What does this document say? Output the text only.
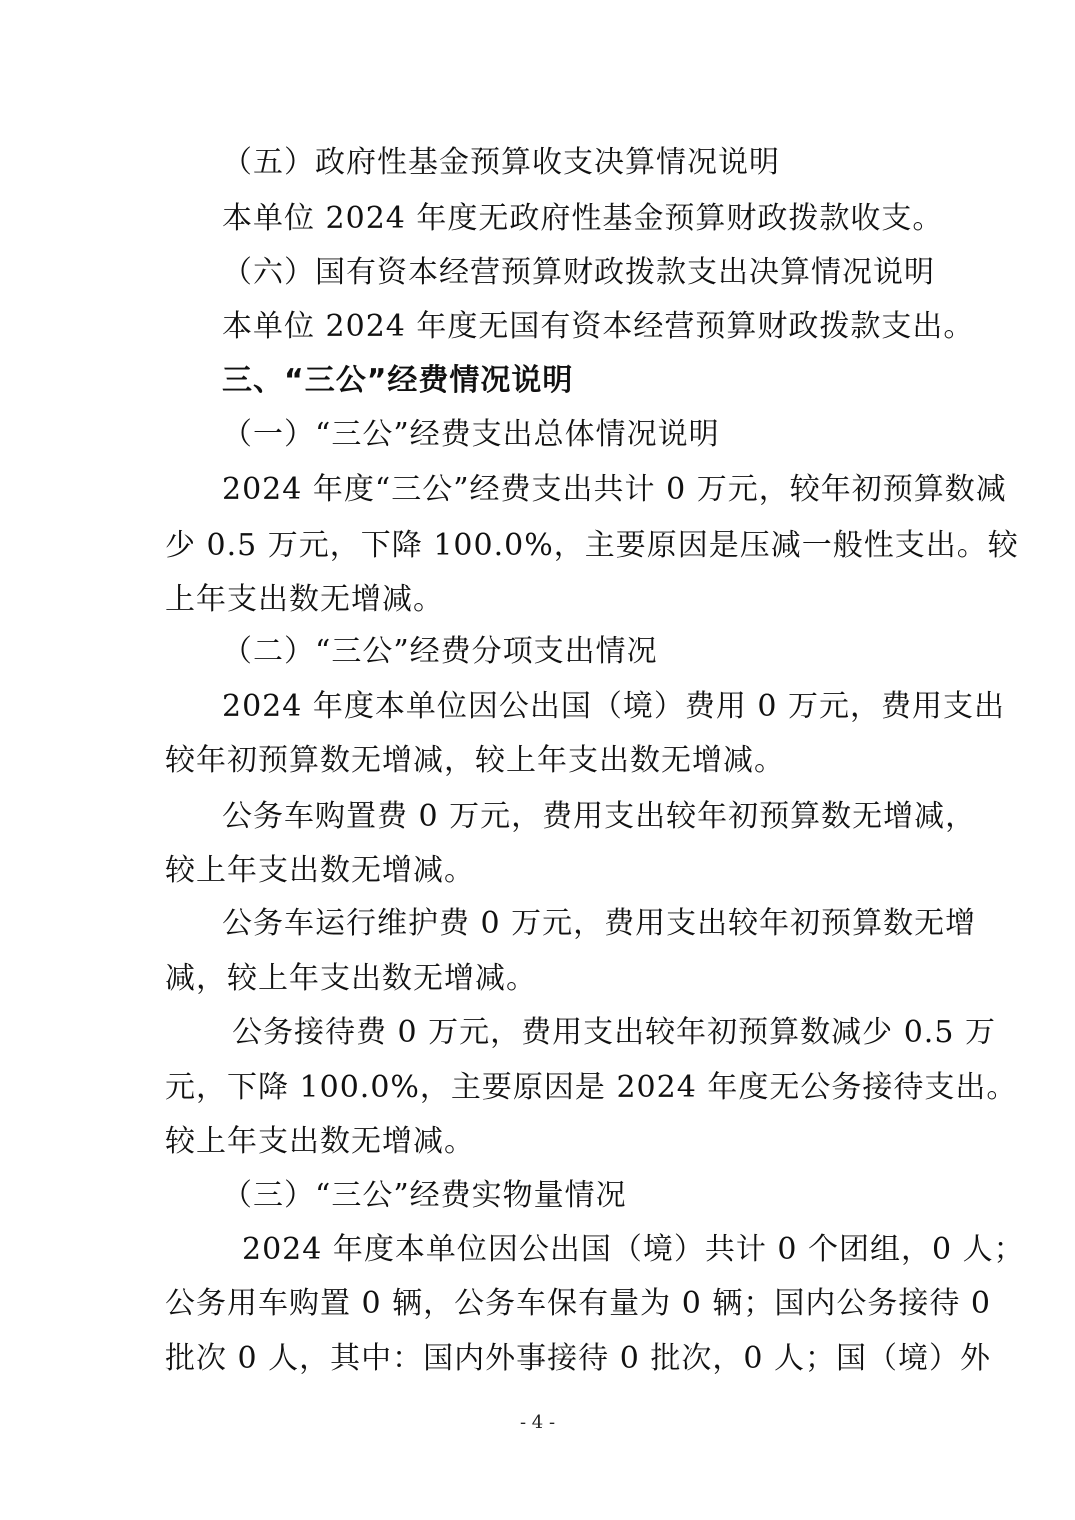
（五）政府性基金预算收支决算情况说明
本单位 2024 年度无政府性基金预算财政拨款收支。
（六）国有资本经营预算财政拨款支出决算情况说明
本单位 2024 年度无国有资本经营预算财政拨款支出。
三、“三公”经费情况说明
（一）“三公”经费支出总体情况说明
2024 年度“三公”经费支出共计 0 万元，较年初预算数减
少 0.5 万元，下降 100.0%，主要原因是压减一般性支出。较
上年支出数无增减。
（二）“三公”经费分项支出情况
2024 年度本单位因公出国（境）费用 0 万元，费用支出
较年初预算数无增减，较上年支出数无增减。
公务车购置费 0 万元，费用支出较年初预算数无增减，
较上年支出数无增减。
公务车运行维护费 0 万元，费用支出较年初预算数无增
减，较上年支出数无增减。
公务接待费 0 万元，费用支出较年初预算数减少 0.5 万
元，下降 100.0%，主要原因是 2024 年度无公务接待支出。
较上年支出数无增减。
（三）“三公”经费实物量情况
2024 年度本单位因公出国（境）共计 0 个团组，0 人；
公务用车购置 0 辆，公务车保有量为 0 辆；国内公务接待 0
批次 0 人，其中：国内外事接待 0 批次，0 人；国（境）外
- 4 -
